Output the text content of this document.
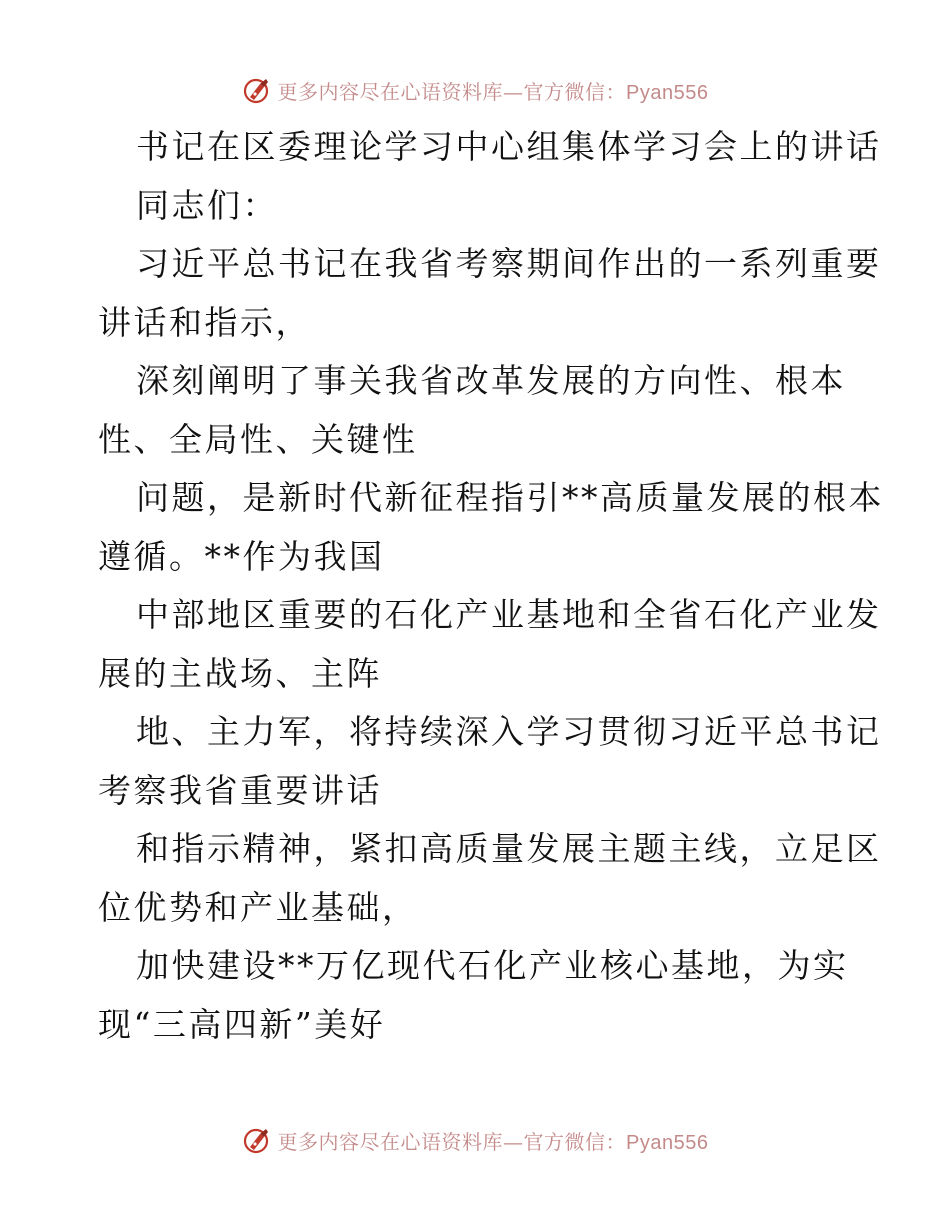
更多内容尽在心语资料库—官方微信：Pyan556

书记在区委理论学习中心组集体学习会上的讲话

同志们：

习近平总书记在我省考察期间作出的一系列重要

讲话和指示，

深刻阐明了事关我省改革发展的方向性、根本

性、全局性、关键性

问题，是新时代新征程指引**高质量发展的根本

遵循。**作为我国

中部地区重要的石化产业基地和全省石化产业发

展的主战场、主阵

地、主力军，将持续深入学习贯彻习近平总书记

考察我省重要讲话

和指示精神，紧扣高质量发展主题主线，立足区

位优势和产业基础，

加快建设**万亿现代石化产业核心基地，为实

现“三高四新”美好

更多内容尽在心语资料库—官方微信：Pyan556
